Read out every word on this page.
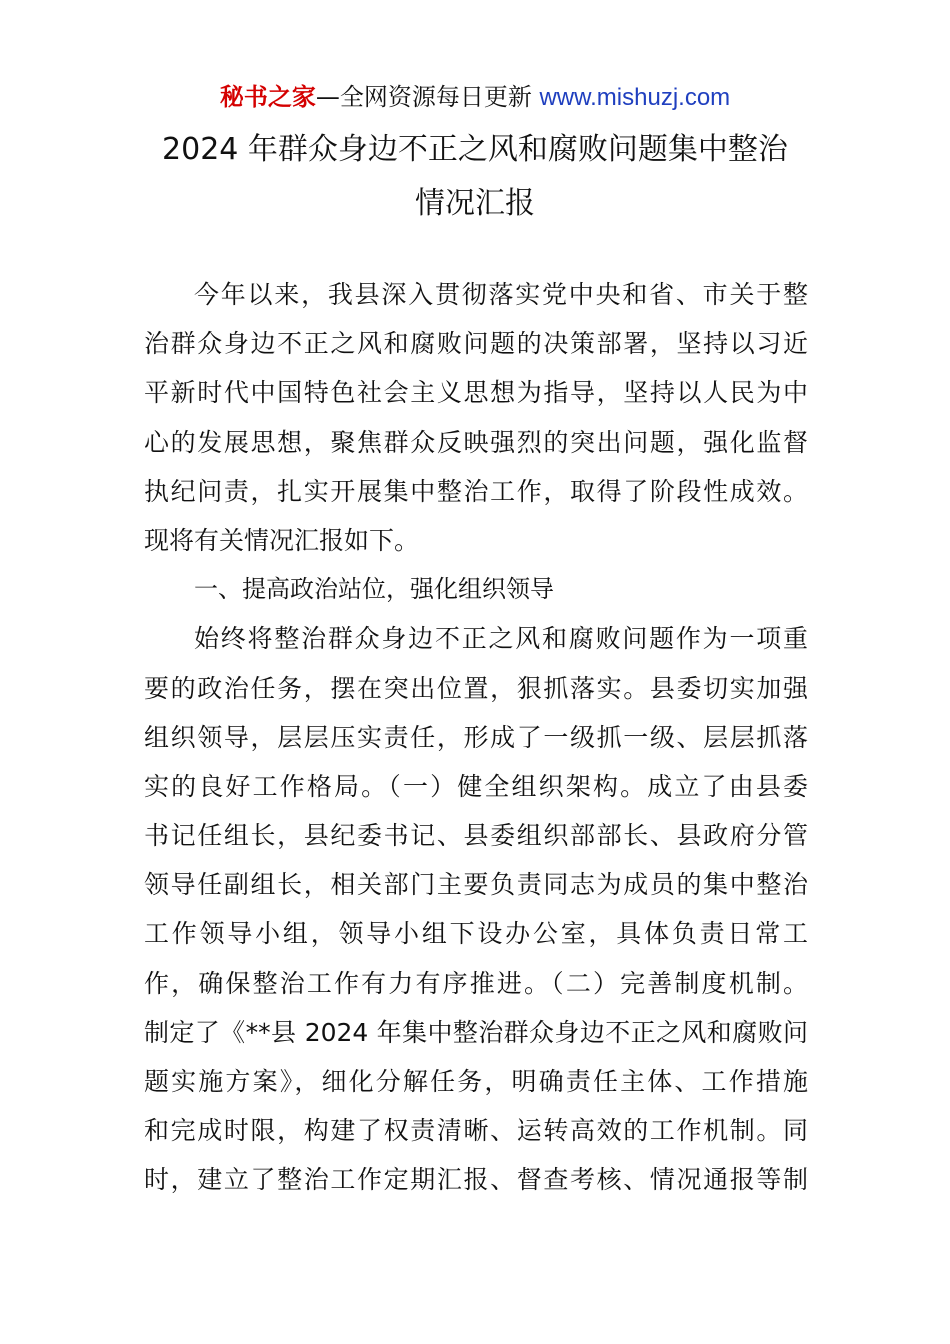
秘书之家—全网资源每日更新 www.mishuzj.com
2024 年群众身边不正之风和腐败问题集中整治
情况汇报
今年以来，我县深入贯彻落实党中央和省、市关于整
治群众身边不正之风和腐败问题的决策部署，坚持以习近
平新时代中国特色社会主义思想为指导，坚持以人民为中
心的发展思想，聚焦群众反映强烈的突出问题，强化监督
执纪问责，扎实开展集中整治工作，取得了阶段性成效。
现将有关情况汇报如下。
一、提高政治站位，强化组织领导
始终将整治群众身边不正之风和腐败问题作为一项重
要的政治任务，摆在突出位置，狠抓落实。县委切实加强
组织领导，层层压实责任，形成了一级抓一级、层层抓落
实的良好工作格局。（一）健全组织架构。成立了由县委
书记任组长，县纪委书记、县委组织部部长、县政府分管
领导任副组长，相关部门主要负责同志为成员的集中整治
工作领导小组，领导小组下设办公室，具体负责日常工
作，确保整治工作有力有序推进。（二）完善制度机制。
制定了《**县 2024 年集中整治群众身边不正之风和腐败问
题实施方案》，细化分解任务，明确责任主体、工作措施
和完成时限，构建了权责清晰、运转高效的工作机制。同
时，建立了整治工作定期汇报、督查考核、情况通报等制
